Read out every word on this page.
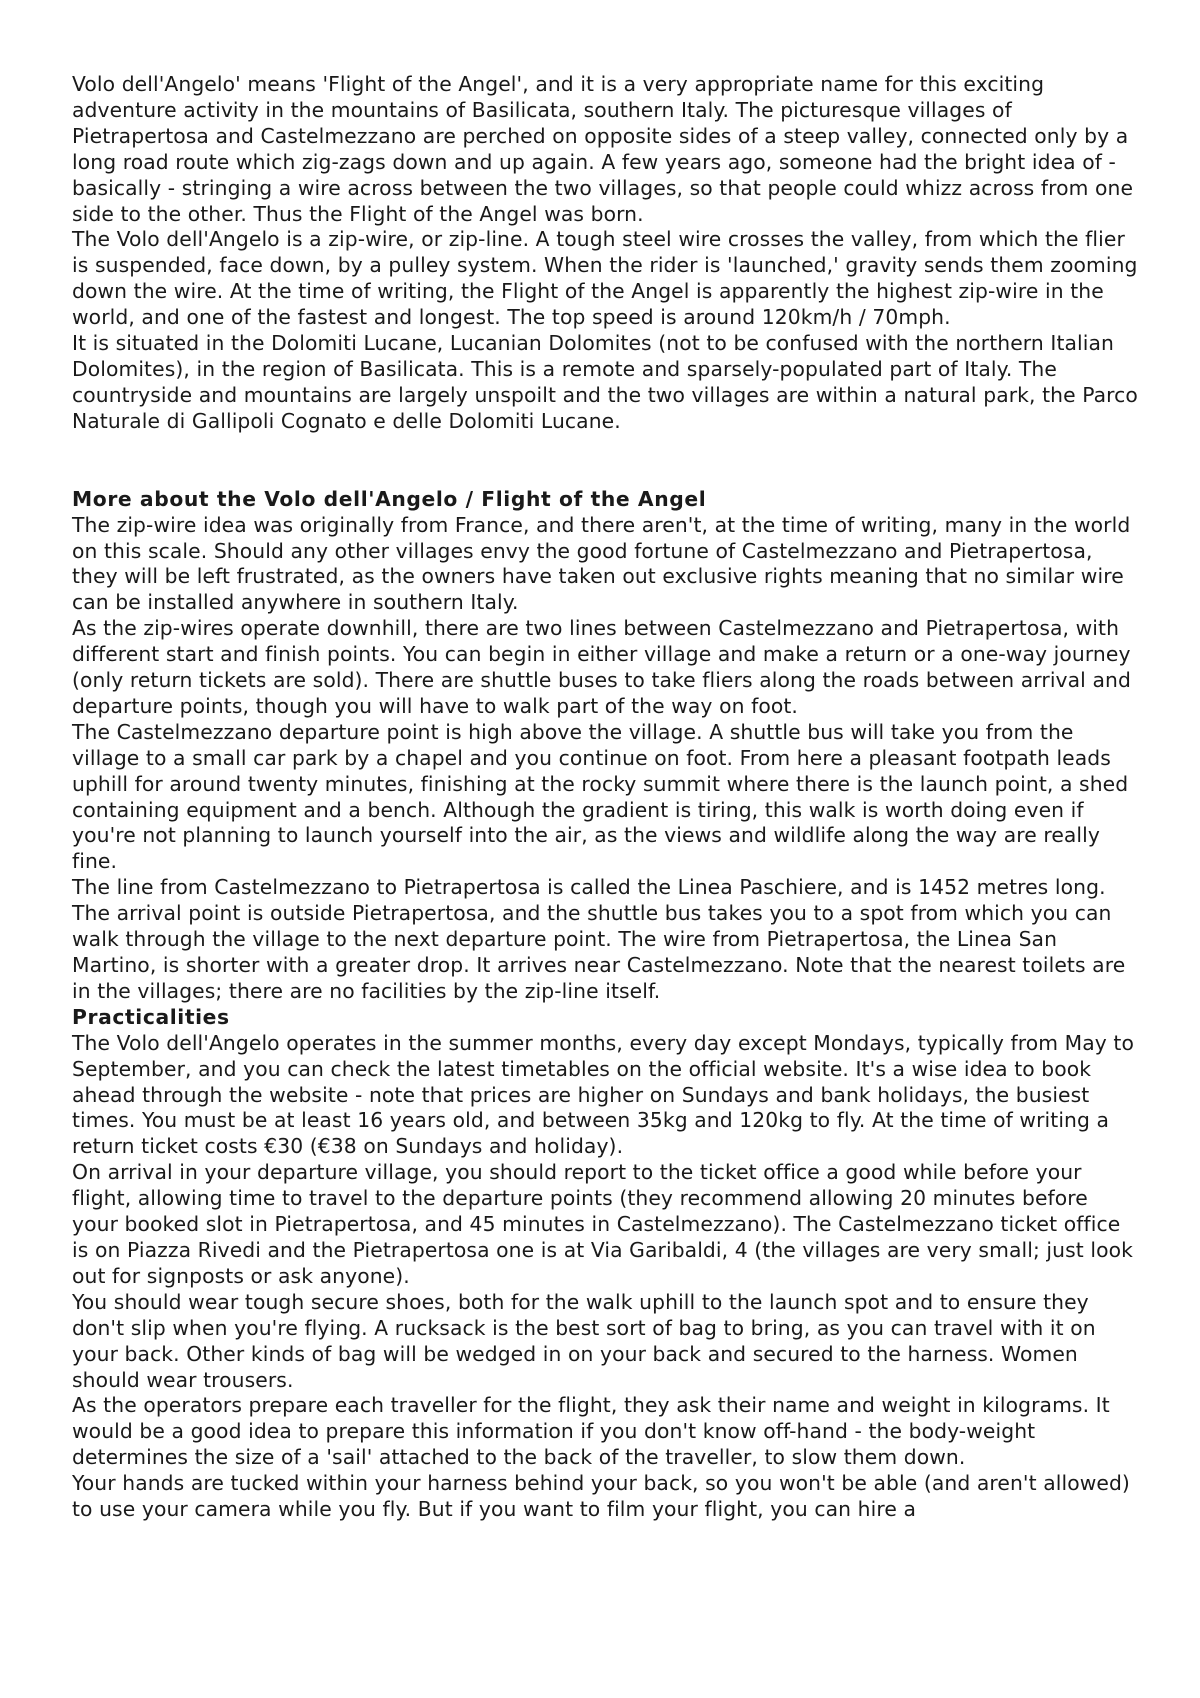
Volo dell'Angelo' means 'Flight of the Angel', and it is a very appropriate name for this exciting adventure activity in the mountains of Basilicata, southern Italy. The picturesque villages of Pietrapertosa and Castelmezzano are perched on opposite sides of a steep valley, connected only by a long road route which zig-zags down and up again. A few years ago, someone had the bright idea of - basically - stringing a wire across between the two villages, so that people could whizz across from one side to the other. Thus the Flight of the Angel was born.

The Volo dell'Angelo is a zip-wire, or zip-line. A tough steel wire crosses the valley, from which the flier is suspended, face down, by a pulley system. When the rider is 'launched,' gravity sends them zooming down the wire. At the time of writing, the Flight of the Angel is apparently the highest zip-wire in the world, and one of the fastest and longest. The top speed is around 120km/h / 70mph.

It is situated in the Dolomiti Lucane, Lucanian Dolomites (not to be confused with the northern Italian Dolomites), in the region of Basilicata. This is a remote and sparsely-populated part of Italy. The countryside and mountains are largely unspoilt and the two villages are within a natural park, the Parco Naturale di Gallipoli Cognato e delle Dolomiti Lucane.

More about the Volo dell'Angelo / Flight of the Angel

The zip-wire idea was originally from France, and there aren't, at the time of writing, many in the world on this scale. Should any other villages envy the good fortune of Castelmezzano and Pietrapertosa, they will be left frustrated, as the owners have taken out exclusive rights meaning that no similar wire can be installed anywhere in southern Italy.

As the zip-wires operate downhill, there are two lines between Castelmezzano and Pietrapertosa, with different start and finish points. You can begin in either village and make a return or a one-way journey (only return tickets are sold). There are shuttle buses to take fliers along the roads between arrival and departure points, though you will have to walk part of the way on foot.

The Castelmezzano departure point is high above the village. A shuttle bus will take you from the village to a small car park by a chapel and you continue on foot. From here a pleasant footpath leads uphill for around twenty minutes, finishing at the rocky summit where there is the launch point, a shed containing equipment and a bench. Although the gradient is tiring, this walk is worth doing even if you're not planning to launch yourself into the air, as the views and wildlife along the way are really fine.

The line from Castelmezzano to Pietrapertosa is called the Linea Paschiere, and is 1452 metres long. The arrival point is outside Pietrapertosa, and the shuttle bus takes you to a spot from which you can walk through the village to the next departure point. The wire from Pietrapertosa, the Linea San Martino, is shorter with a greater drop. It arrives near Castelmezzano. Note that the nearest toilets are in the villages; there are no facilities by the zip-line itself.

Practicalities

The Volo dell'Angelo operates in the summer months, every day except Mondays, typically from May to September, and you can check the latest timetables on the official website. It's a wise idea to book ahead through the website - note that prices are higher on Sundays and bank holidays, the busiest times. You must be at least 16 years old, and between 35kg and 120kg to fly. At the time of writing a return ticket costs €30 (€38 on Sundays and holiday).

On arrival in your departure village, you should report to the ticket office a good while before your flight, allowing time to travel to the departure points (they recommend allowing 20 minutes before your booked slot in Pietrapertosa, and 45 minutes in Castelmezzano). The Castelmezzano ticket office is on Piazza Rivedi and the Pietrapertosa one is at Via Garibaldi, 4 (the villages are very small; just look out for signposts or ask anyone).

You should wear tough secure shoes, both for the walk uphill to the launch spot and to ensure they don't slip when you're flying. A rucksack is the best sort of bag to bring, as you can travel with it on your back. Other kinds of bag will be wedged in on your back and secured to the harness. Women should wear trousers.

As the operators prepare each traveller for the flight, they ask their name and weight in kilograms. It would be a good idea to prepare this information if you don't know off-hand - the body-weight determines the size of a 'sail' attached to the back of the traveller, to slow them down.

Your hands are tucked within your harness behind your back, so you won't be able (and aren't allowed) to use your camera while you fly. But if you want to film your flight, you can hire a
